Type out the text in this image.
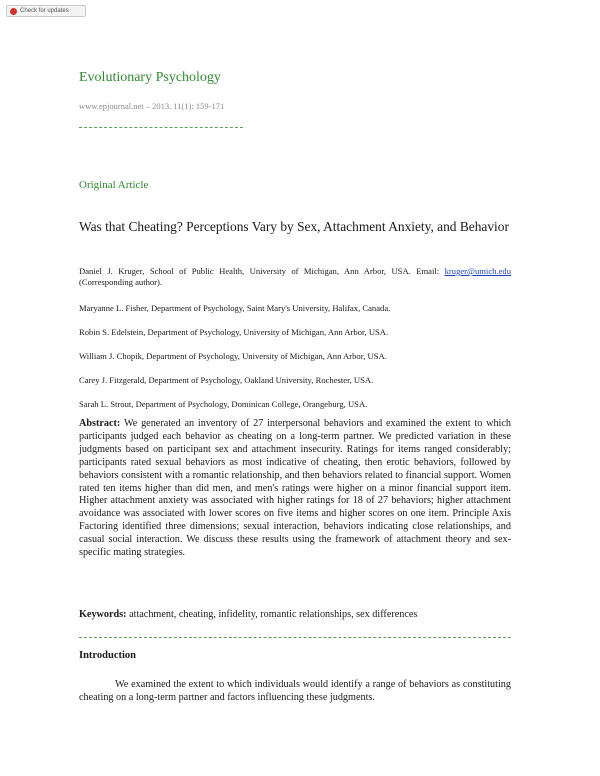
Check for updates
Evolutionary Psychology
www.epjournal.net – 2013. 11(1): 159-171
Original Article
Was that Cheating? Perceptions Vary by Sex, Attachment Anxiety, and Behavior
Daniel J. Kruger, School of Public Health, University of Michigan, Ann Arbor, USA. Email: kruger@umich.edu (Corresponding author).
Maryanne L. Fisher, Department of Psychology, Saint Mary's University, Halifax, Canada.
Robin S. Edelstein, Department of Psychology, University of Michigan, Ann Arbor, USA.
William J. Chopik, Department of Psychology, University of Michigan, Ann Arbor, USA.
Carey J. Fitzgerald, Department of Psychology, Oakland University, Rochester, USA.
Sarah L. Strout, Department of Psychology, Dominican College, Orangeburg, USA.
Abstract: We generated an inventory of 27 interpersonal behaviors and examined the extent to which participants judged each behavior as cheating on a long-term partner. We predicted variation in these judgments based on participant sex and attachment insecurity. Ratings for items ranged considerably; participants rated sexual behaviors as most indicative of cheating, then erotic behaviors, followed by behaviors consistent with a romantic relationship, and then behaviors related to financial support. Women rated ten items higher than did men, and men's ratings were higher on a minor financial support item. Higher attachment anxiety was associated with higher ratings for 18 of 27 behaviors; higher attachment avoidance was associated with lower scores on five items and higher scores on one item. Principle Axis Factoring identified three dimensions; sexual interaction, behaviors indicating close relationships, and casual social interaction. We discuss these results using the framework of attachment theory and sex-specific mating strategies.
Keywords: attachment, cheating, infidelity, romantic relationships, sex differences
Introduction
We examined the extent to which individuals would identify a range of behaviors as constituting cheating on a long-term partner and factors influencing these judgments.
